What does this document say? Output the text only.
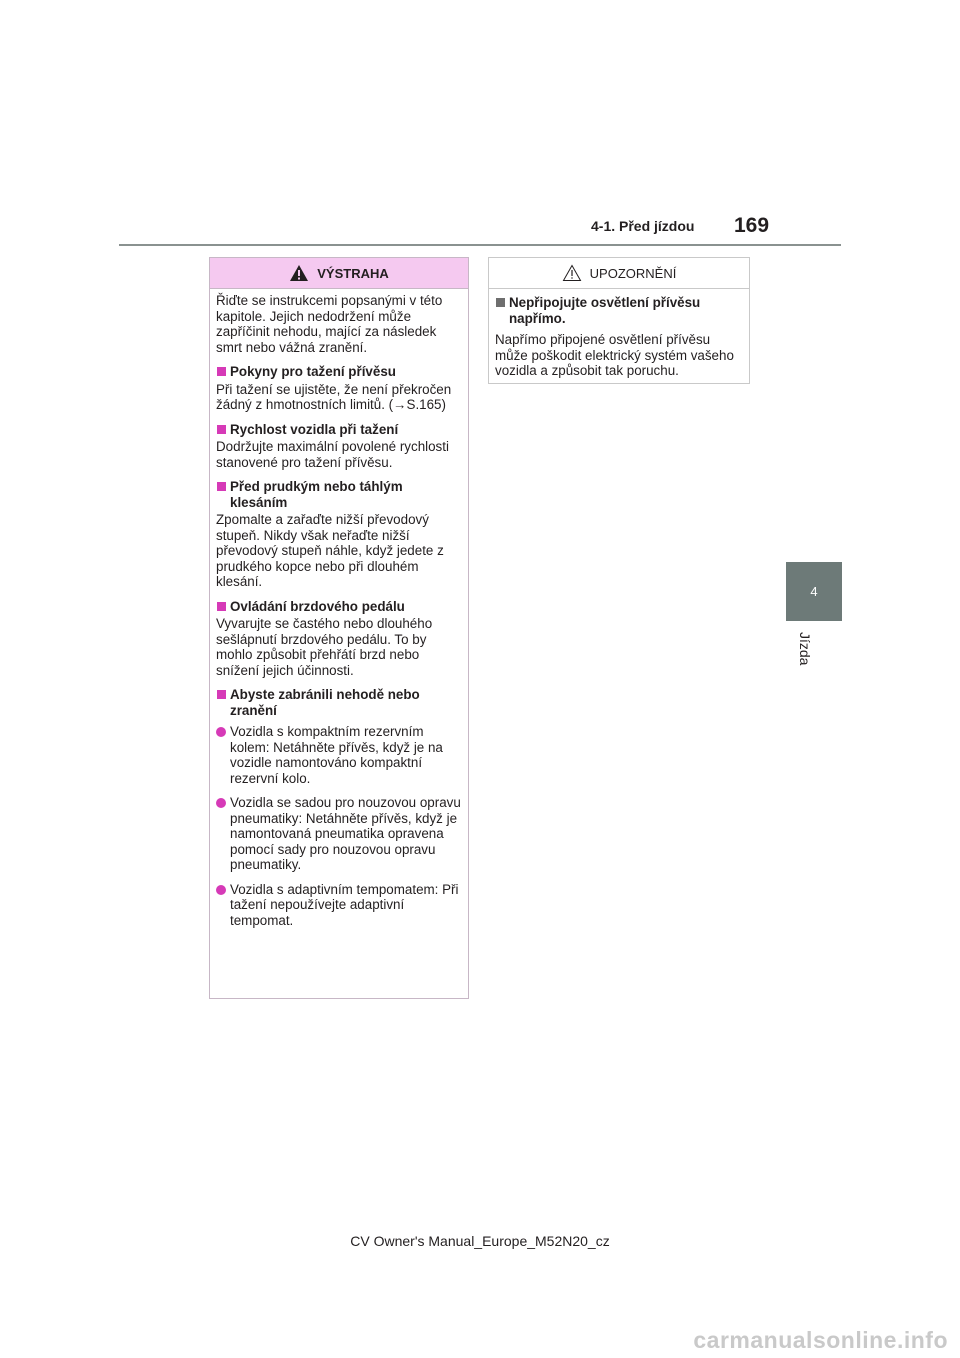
4-1. Před jízdou 169
4
Jízda
VÝSTRAHA
Řiďte se instrukcemi popsanými v této kapitole. Jejich nedodržení může zapříčinit nehodu, mající za následek smrt nebo vážná zranění.
Pokyny pro tažení přívěsu
Při tažení se ujistěte, že není překročen žádný z hmotnostních limitů. (→S.165)
Rychlost vozidla při tažení
Dodržujte maximální povolené rychlosti stanovené pro tažení přívěsu.
Před prudkým nebo táhlým klesáním
Zpomalte a zařaďte nižší převodový stupeň. Nikdy však neřaďte nižší převodový stupeň náhle, když jedete z prudkého kopce nebo při dlouhém klesání.
Ovládání brzdového pedálu
Vyvarujte se častého nebo dlouhého sešlápnutí brzdového pedálu. To by mohlo způsobit přehřátí brzd nebo snížení jejich účinnosti.
Abyste zabránili nehodě nebo zranění
Vozidla s kompaktním rezervním kolem: Netáhněte přívěs, když je na vozidle namontováno kompaktní rezervní kolo.
Vozidla se sadou pro nouzovou opravu pneumatiky: Netáhněte přívěs, když je namontovaná pneumatika opravena pomocí sady pro nouzovou opravu pneumatiky.
Vozidla s adaptivním tempomatem: Při tažení nepoužívejte adaptivní tempomat.
UPOZORNĚNÍ
Nepřipojujte osvětlení přívěsu napřímo.
Napřímo připojené osvětlení přívěsu může poškodit elektrický systém vašeho vozidla a způsobit tak poruchu.
CV Owner's Manual_Europe_M52N20_cz
carmanualsonline.info
